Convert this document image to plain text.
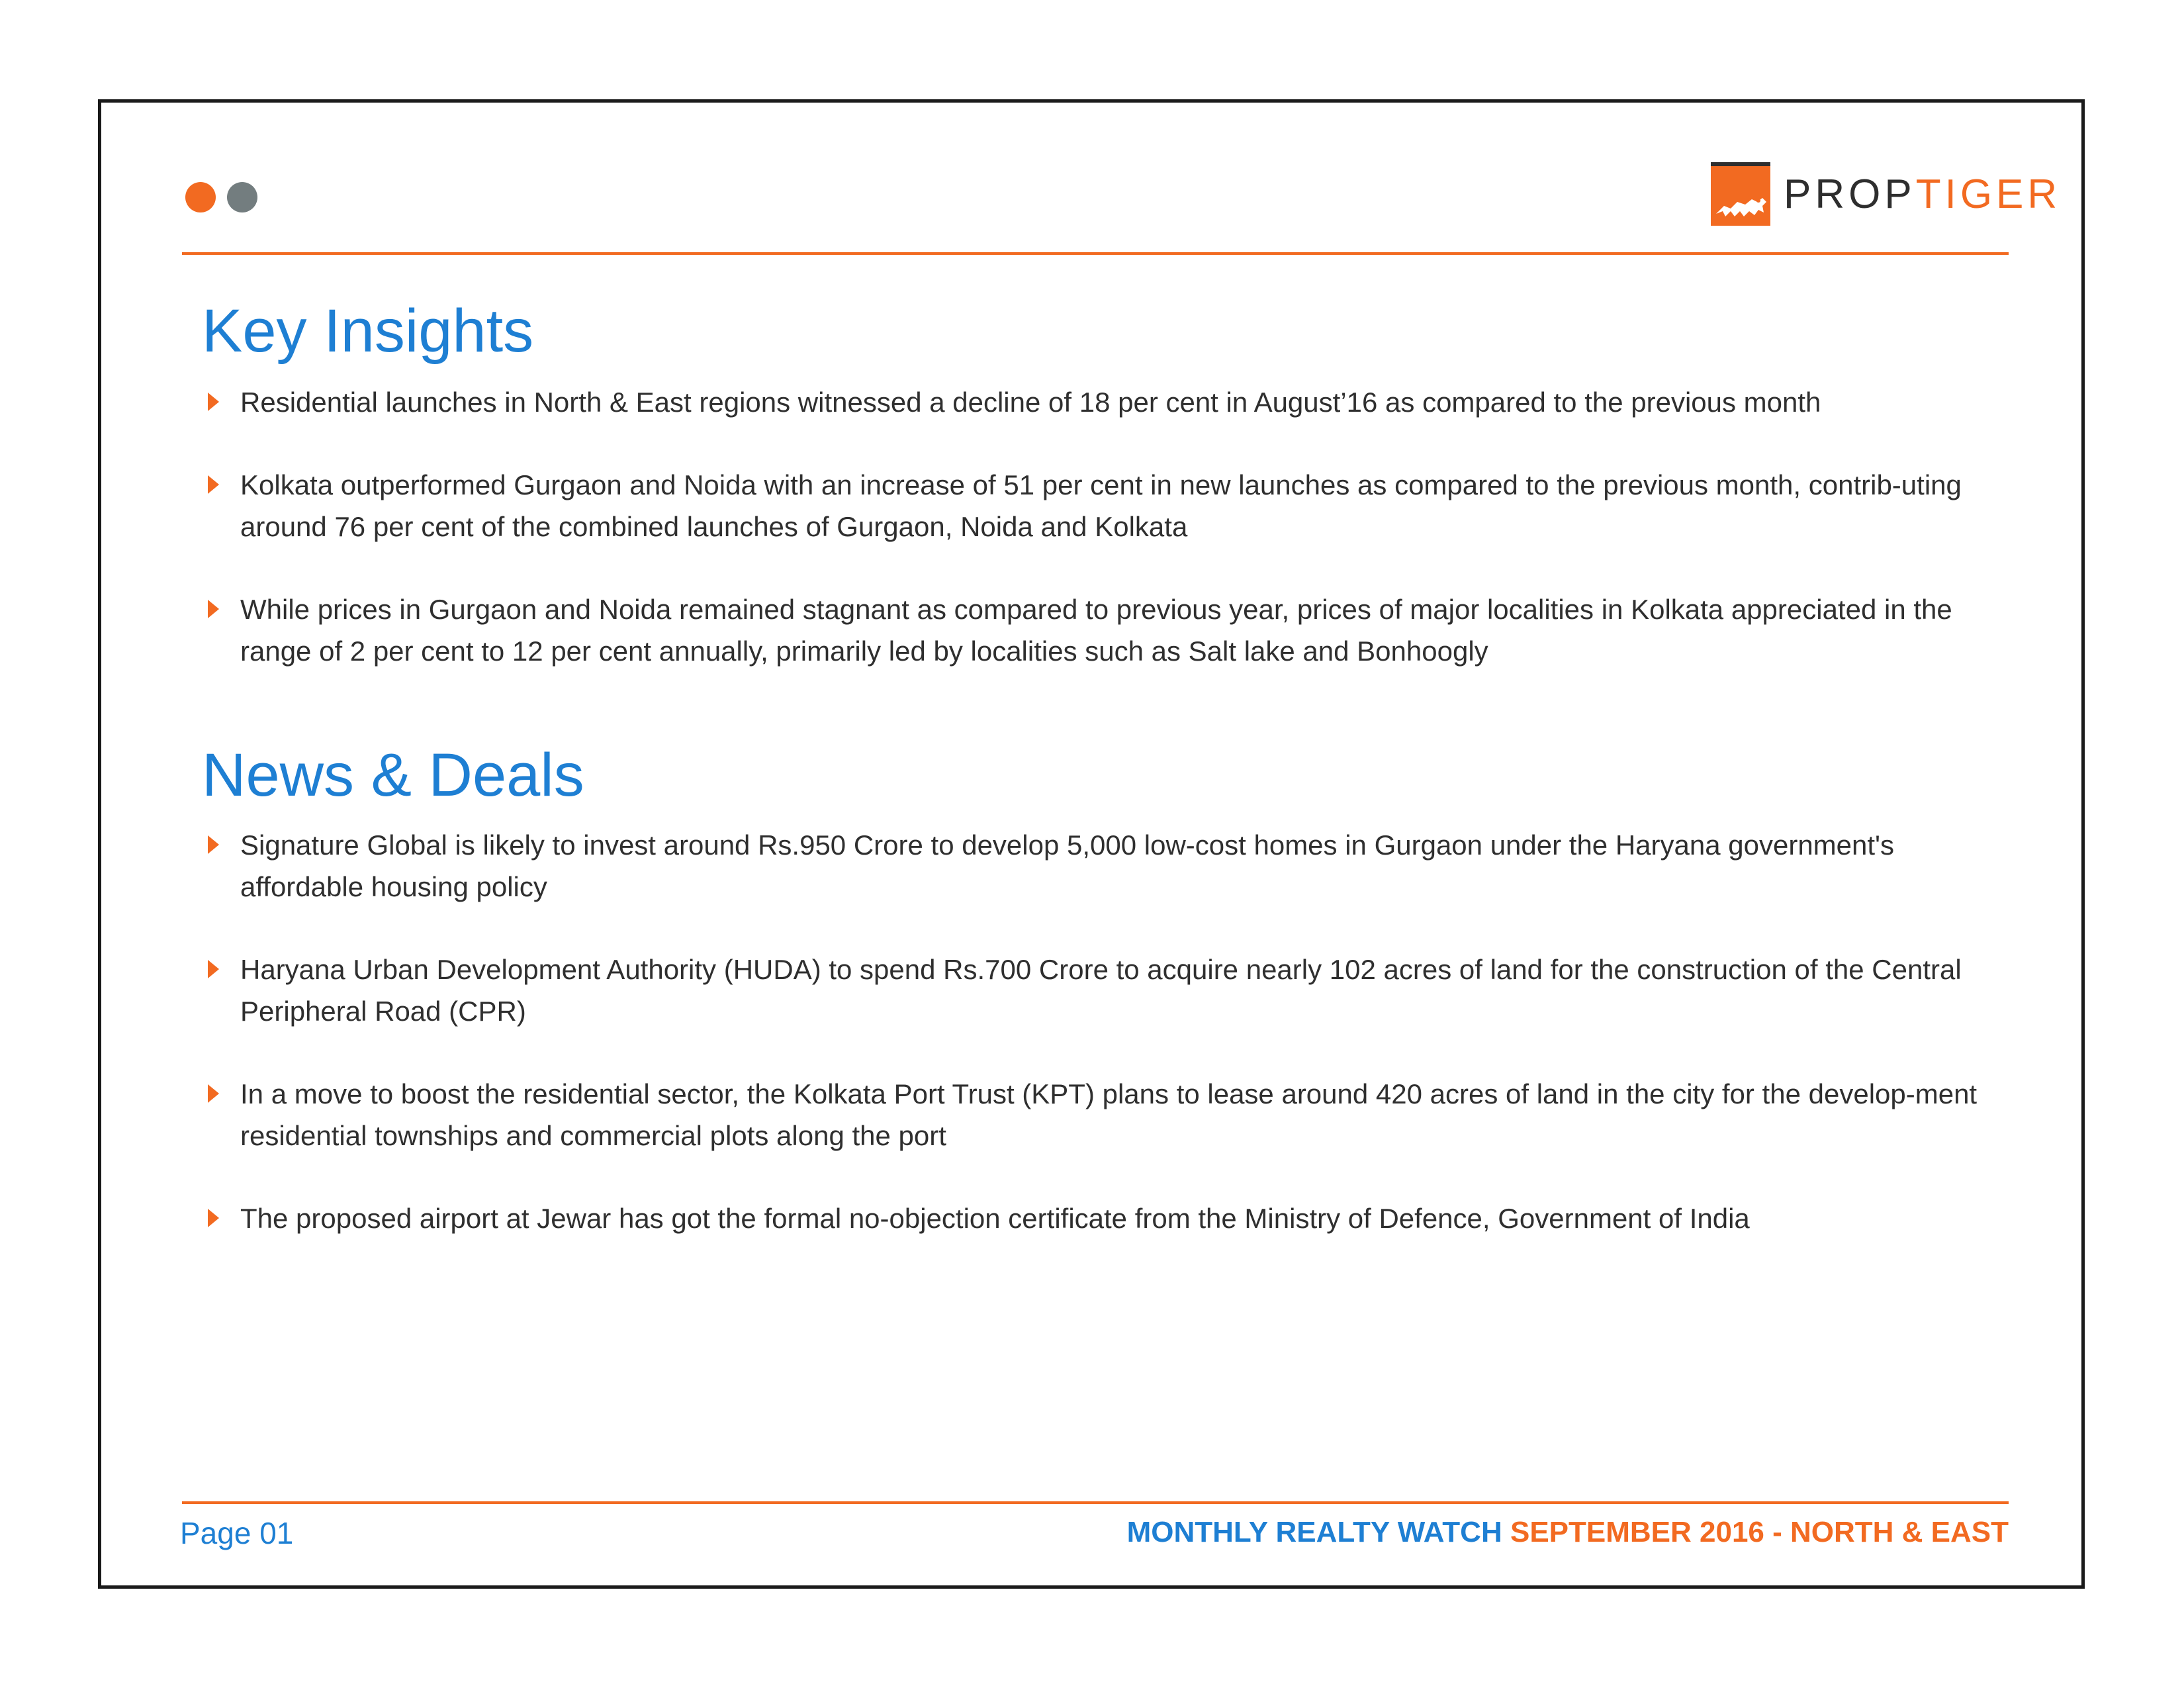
PROPTIGER
Key Insights
Residential launches in North & East regions witnessed a decline of 18 per cent in August’16 as compared to the previous month
Kolkata outperformed Gurgaon and Noida with an increase of 51 per cent in new launches as compared to the previous month, contrib-uting around 76 per cent of the combined launches of Gurgaon, Noida and Kolkata
While prices in Gurgaon and Noida remained stagnant as compared to previous year, prices of major localities in Kolkata appreciated in the range of 2 per cent to 12 per cent annually, primarily led by localities such as Salt lake and Bonhoogly
News & Deals
Signature Global is likely to invest around Rs.950 Crore to develop 5,000 low-cost homes in Gurgaon under the Haryana government's affordable housing policy
Haryana Urban Development Authority (HUDA) to spend Rs.700 Crore to acquire nearly 102 acres of land for the construction of the Central Peripheral Road (CPR)
In a move to boost the residential sector, the Kolkata Port Trust (KPT) plans to lease around 420 acres of land in the city for the develop-ment residential townships and commercial plots along the port
The proposed airport at Jewar has got the formal no-objection certificate from the Ministry of Defence, Government of India
Page 01	MONTHLY REALTY WATCH SEPTEMBER 2016 - NORTH & EAST
